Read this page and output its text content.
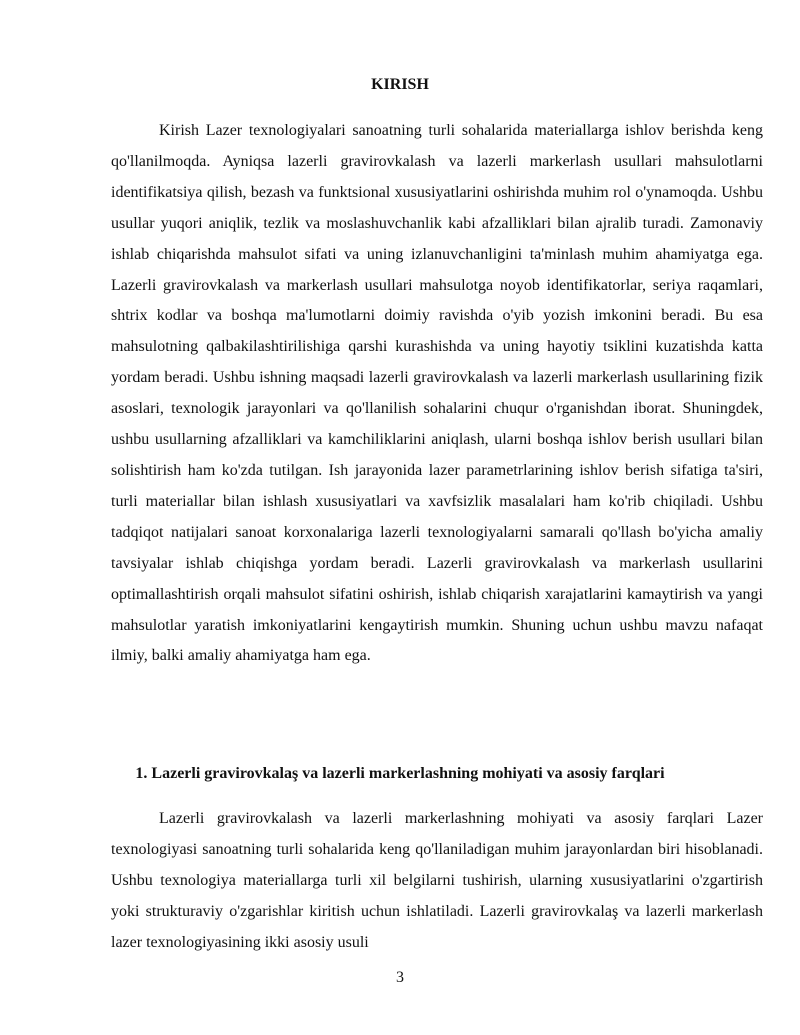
KIRISH

Kirish Lazer texnologiyalari sanoatning turli sohalarida materiallarga ishlov berishda keng qo'llanilmoqda. Ayniqsa lazerli gravirovkalash va lazerli markerlash usullari mahsulotlarni identifikatsiya qilish, bezash va funktsional xususiyatlarini oshirishda muhim rol o'ynamoqda. Ushbu usullar yuqori aniqlik, tezlik va moslashuvchanlik kabi afzalliklari bilan ajralib turadi. Zamonaviy ishlab chiqarishda mahsulot sifati va uning izlanuvchanligini ta'minlash muhim ahamiyatga ega. Lazerli gravirovkalash va markerlash usullari mahsulotga noyob identifikatorlar, seriya raqamlari, shtrix kodlar va boshqa ma'lumotlarni doimiy ravishda o'yib yozish imkonini beradi. Bu esa mahsulotning qalbakilashtirilishiga qarshi kurashishda va uning hayotiy tsiklini kuzatishda katta yordam beradi. Ushbu ishning maqsadi lazerli gravirovkalash va lazerli markerlash usullarining fizik asoslari, texnologik jarayonlari va qo'llanilish sohalarini chuqur o'rganishdan iborat. Shuningdek, ushbu usullarning afzalliklari va kamchiliklarini aniqlash, ularni boshqa ishlov berish usullari bilan solishtirish ham ko'zda tutilgan. Ish jarayonida lazer parametrlarining ishlov berish sifatiga ta'siri, turli materiallar bilan ishlash xususiyatlari va xavfsizlik masalalari ham ko'rib chiqiladi. Ushbu tadqiqot natijalari sanoat korxonalariga lazerli texnologiyalarni samarali qo'llash bo'yicha amaliy tavsiyalar ishlab chiqishga yordam beradi. Lazerli gravirovkalash va markerlash usullarini optimallashtirish orqali mahsulot sifatini oshirish, ishlab chiqarish xarajatlarini kamaytirish va yangi mahsulotlar yaratish imkoniyatlarini kengaytirish mumkin. Shuning uchun ushbu mavzu nafaqat ilmiy, balki amaliy ahamiyatga ham ega.

1. Lazerli gravirovkalaş va lazerli markerlashning mohiyati va asosiy farqlari

Lazerli gravirovkalash va lazerli markerlashning mohiyati va asosiy farqlari Lazer texnologiyasi sanoatning turli sohalarida keng qo'llaniladigan muhim jarayonlardan biri hisoblanadi. Ushbu texnologiya materiallarga turli xil belgilarni tushirish, ularning xususiyatlarini o'zgartirish yoki strukturaviy o'zgarishlar kiritish uchun ishlatiladi. Lazerli gravirovkalaş va lazerli markerlash lazer texnologiyasining ikki asosiy usuli

3
